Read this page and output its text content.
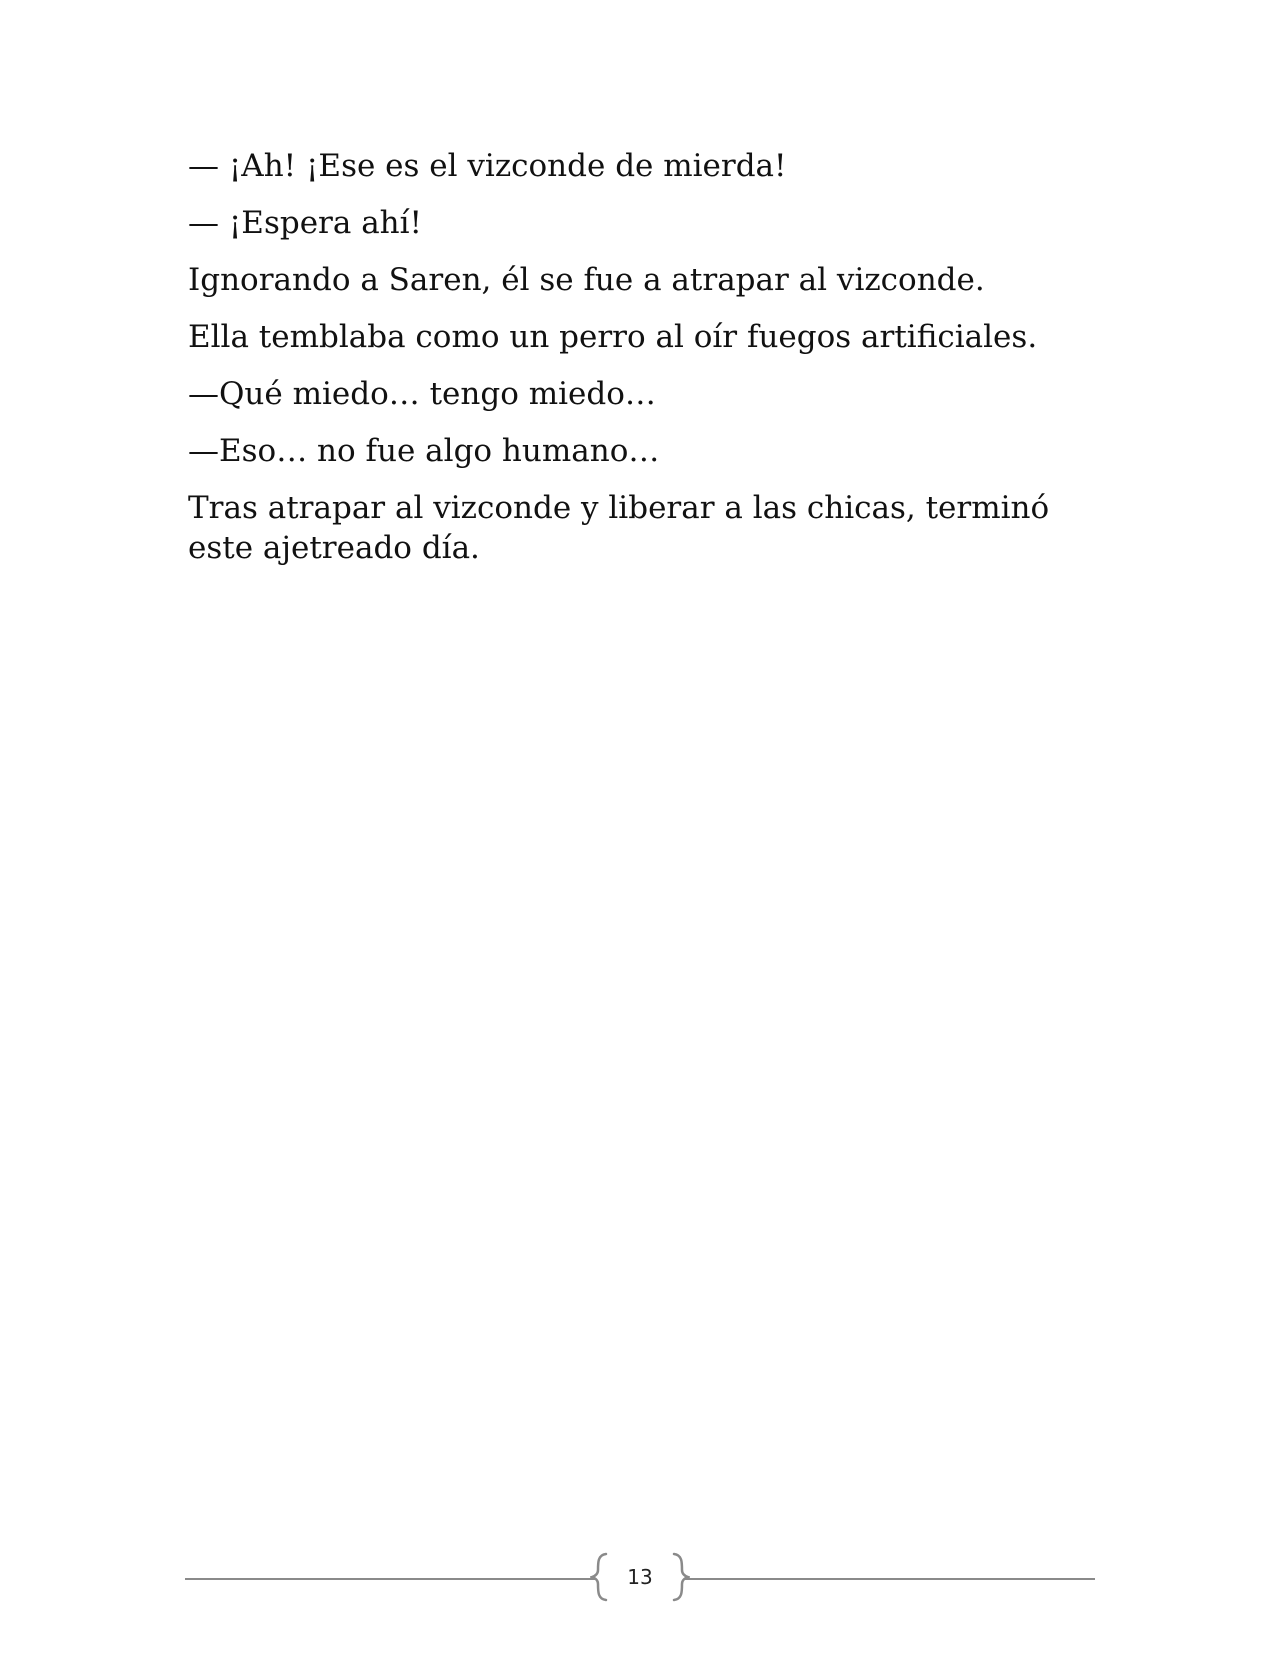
— ¡Ah! ¡Ese es el vizconde de mierda!

— ¡Espera ahí!

Ignorando a Saren, él se fue a atrapar al vizconde.

Ella temblaba como un perro al oír fuegos artificiales.

—Qué miedo… tengo miedo…

—Eso… no fue algo humano…

Tras atrapar al vizconde y liberar a las chicas, terminó este ajetreado día.

13
